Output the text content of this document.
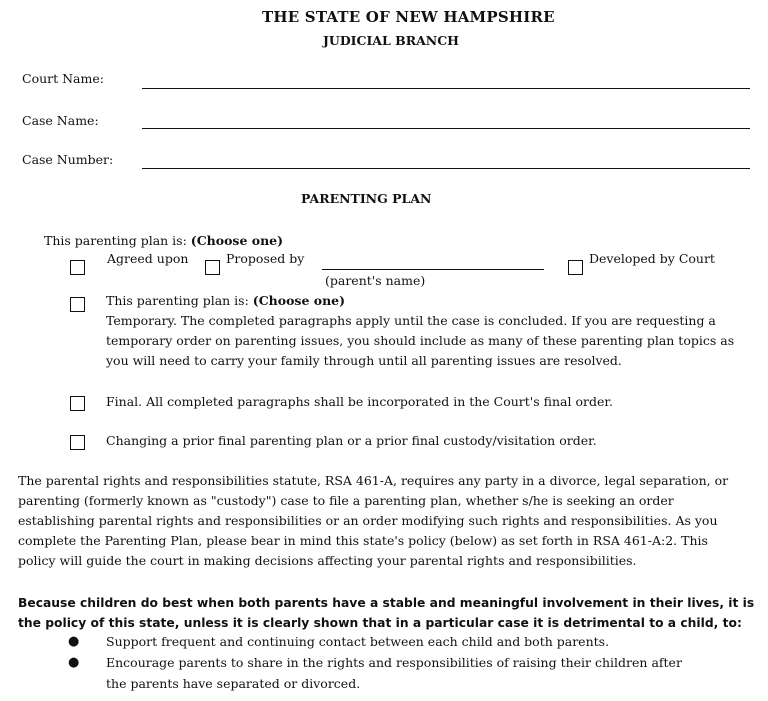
THE STATE OF NEW HAMPSHIRE
JUDICIAL BRANCH
Court Name:
Case Name:
Case Number:
PARENTING PLAN
This parenting plan is: (Choose one)
Agreed upon	Proposed by
(parent's name)
Developed by Court
This parenting plan is: (Choose one)
Temporary. The completed paragraphs apply until the case is concluded. If you are requesting a
temporary order on parenting issues, you should include as many of these parenting plan topics as
you will need to carry your family through until all parenting issues are resolved.
Final. All completed paragraphs shall be incorporated in the Court's final order.
Changing a prior final parenting plan or a prior final custody/visitation order.
The parental rights and responsibilities statute, RSA 461-A, requires any party in a divorce, legal separation, or
parenting (formerly known as "custody") case to file a parenting plan, whether s/he is seeking an order
establishing parental rights and responsibilities or an order modifying such rights and responsibilities. As you
complete the Parenting Plan, please bear in mind this state's policy (below) as set forth in RSA 461-A:2. This
policy will guide the court in making decisions affecting your parental rights and responsibilities.
Because children do best when both parents have a stable and meaningful involvement in their lives, it is
the policy of this state, unless it is clearly shown that in a particular case it is detrimental to a child, to:
● Support frequent and continuing contact between each child and both parents.
● Encourage parents to share in the rights and responsibilities of raising their children after
the parents have separated or divorced.
